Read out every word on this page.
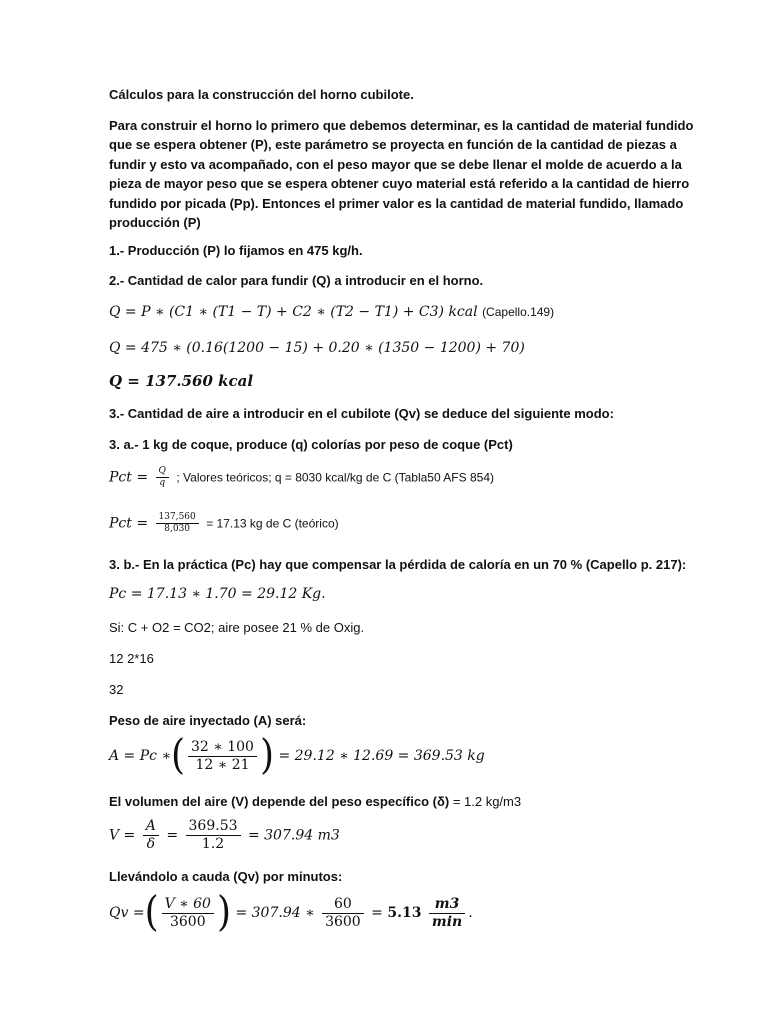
Cálculos para la construcción del horno cubilote.
Para construir el horno lo primero que debemos determinar, es la cantidad de material fundido
que se espera obtener (P), este parámetro se proyecta en función de la cantidad de piezas a
fundir y esto va acompañado, con el peso mayor que se debe llenar el molde de acuerdo a la
pieza de mayor peso que se espera obtener cuyo material está referido a la cantidad de hierro
fundido por picada (Pp). Entonces el primer valor es la cantidad de material fundido, llamado
producción (P)
1.- Producción (P) lo fijamos en 475 kg/h.
2.- Cantidad de calor para fundir (Q) a introducir en el horno.
Q = P ∗ (C1 ∗ (T1 − T) + C2 ∗ (T2 − T1) + C3) kcal (Capello.149)
Q = 475 ∗ (0.16(1200 − 15) + 0.20 ∗ (1350 − 1200) + 70)
Q = 137.560 kcal
3.- Cantidad de aire a introducir en el cubilote (Qv) se deduce del siguiente modo:
3. a.- 1 kg de coque, produce (q) colorías por peso de coque (Pct)
Pct = $\frac{Q}{q}$ ; Valores teóricos; q = 8030 kcal/kg de C (Tabla50 AFS 854)
Pct = $\frac{137,560}{8,030} = 17.13$ kg de C (teórico)
3. b.- En la práctica (Pc) hay que compensar la pérdida de caloría en un 70 % (Capello p. 217):
Pc = 17.13 ∗ 1.70 = 29.12 Kg.
Si: C + O2 = CO2; aire posee 21 % de Oxig.
12 2*16
32
Peso de aire inyectado (A) será:
A = Pc ∗( $\frac{32 ∗ 100}{12 ∗ 21}$ ) = 29.12 ∗ 12.69 = 369.53 kg
El volumen del aire (V) depende del peso específico (δ) = 1.2 kg/m3
$V = \frac{A}{\delta} = \frac{369.53}{1.2} = 307.94$ m3
Llevándolo a cauda (Qv) por minutos:
Qv =( $\frac{V ∗ 60}{3600}$ ) = 307.94 ∗ $\frac{60}{3600} = 5.13 \frac{m3}{\min}$ .
